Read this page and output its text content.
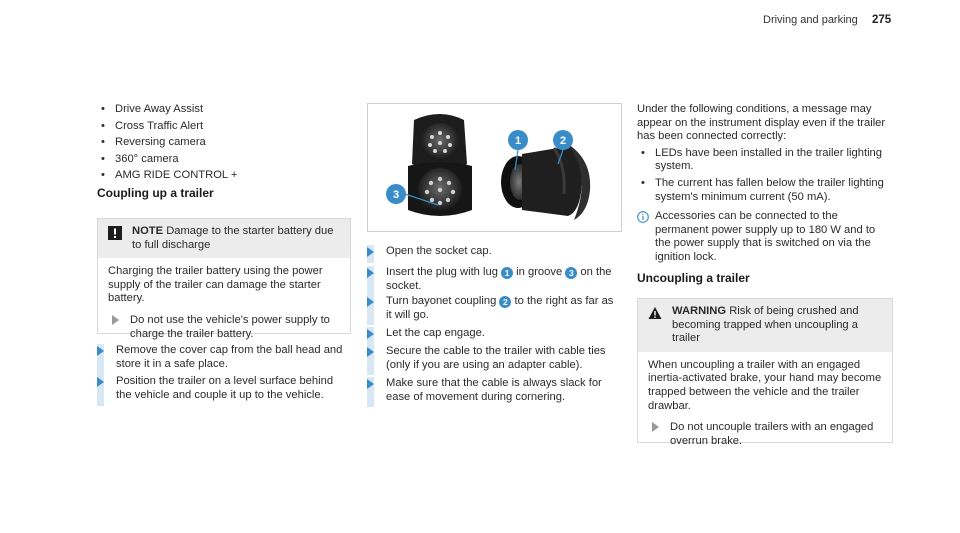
Driving and parking 275
• Drive Away Assist
• Cross Traffic Alert
• Reversing camera
• 360° camera
• AMG RIDE CONTROL +
Coupling up a trailer
NOTE Damage to the starter battery due to full discharge
Charging the trailer battery using the power supply of the trailer can damage the starter battery.
Do not use the vehicle's power supply to charge the trailer battery.
Remove the cover cap from the ball head and store it in a safe place.
Position the trailer on a level surface behind the vehicle and couple it up to the vehicle.
1	2
3
Open the socket cap.
Insert the plug with lug 1 in groove 3 on the socket.
Turn bayonet coupling 2 to the right as far as it will go.
Let the cap engage.
Secure the cable to the trailer with cable ties (only if you are using an adapter cable).
Make sure that the cable is always slack for ease of movement during cornering.
Under the following conditions, a message may appear on the instrument display even if the trailer has been connected correctly:
• LEDs have been installed in the trailer lighting system.
• The current has fallen below the trailer lighting system's minimum current (50 mA).
Accessories can be connected to the permanent power supply up to 180 W and to the power supply that is switched on via the ignition lock.
Uncoupling a trailer
WARNING Risk of being crushed and becoming trapped when uncoupling a trailer
When uncoupling a trailer with an engaged inertia-activated brake, your hand may become trapped between the vehicle and the trailer drawbar.
Do not uncouple trailers with an engaged overrun brake.
